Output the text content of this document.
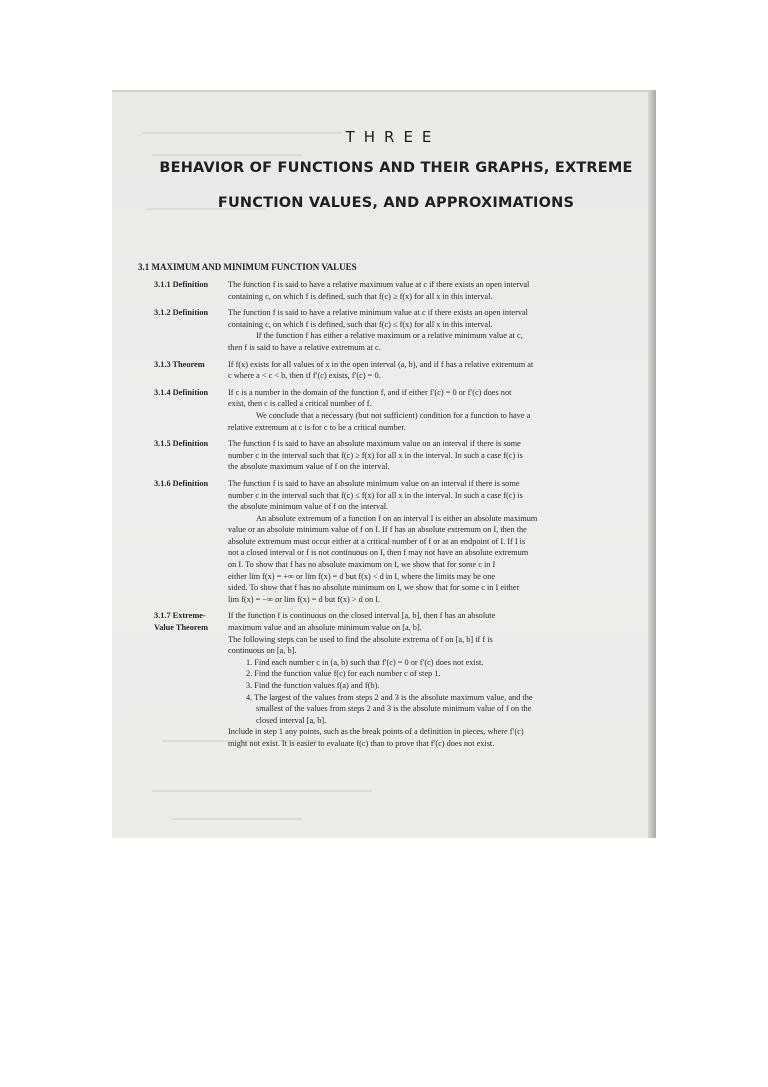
THREE
BEHAVIOR OF FUNCTIONS AND THEIR GRAPHS, EXTREME
FUNCTION VALUES, AND APPROXIMATIONS
3.1 MAXIMUM AND MINIMUM FUNCTION VALUES
3.1.1 Definition	The function f is said to have a relative maximum value at c if there exists an open interval
containing c, on which f is defined, such that f(c) ≥ f(x) for all x in this interval.
3.1.2 Definition	The function f is said to have a relative minimum value at c if there exists an open interval
containing c, on which f is defined, such that f(c) ≤ f(x) for all x in this interval.
If the function f has either a relative maximum or a relative minimum value at c,
then f is said to have a relative extremum at c.
3.1.3 Theorem	If f(x) exists for all values of x in the open interval (a, b), and if f has a relative extremum at
c where a < c < b, then if f′(c) exists, f′(c) = 0.
3.1.4 Definition	If c is a number in the domain of the function f, and if either f′(c) = 0 or f′(c) does not
exist, then c is called a critical number of f.
We conclude that a necessary (but not sufficient) condition for a function to have a
relative extremum at c is for c to be a critical number.
3.1.5 Definition	The function f is said to have an absolute maximum value on an interval if there is some
number c in the interval such that f(c) ≥ f(x) for all x in the interval. In such a case f(c) is
the absolute maximum value of f on the interval.
3.1.6 Definition	The function f is said to have an absolute minimum value on an interval if there is some
number c in the interval such that f(c) ≤ f(x) for all x in the interval. In such a case f(c) is
the absolute minimum value of f on the interval.
An absolute extremum of a function f on an interval I is either an absolute maximum
value or an absolute minimum value of f on I. If f has an absolute extremum on I, then the
absolute extremum must occur either at a critical number of f or at an endpoint of I. If I is
not a closed interval or f is not continuous on I, then f may not have an absolute extremum
on I. To show that f has no absolute maximum on I, we show that for some c in I
either lim f(x) = +∞ or lim f(x) = d but f(x) < d in I, where the limits may be one
sided. To show that f has no absolute minimum on I, we show that for some c in I either
lim f(x) = −∞ or lim f(x) = d but f(x) > d on I.
3.1.7 Extreme-
Value Theorem
If the function f is continuous on the closed interval [a, b], then f has an absolute
maximum value and an absolute minimum value on [a, b].
The following steps can be used to find the absolute extrema of f on [a, b] if f is
continuous on [a, b].
1. Find each number c in (a, b) such that f′(c) = 0 or f′(c) does not exist.
2. Find the function value f(c) for each number c of step 1.
3. Find the function values f(a) and f(b).
4. The largest of the values from steps 2 and 3 is the absolute maximum value, and the
smallest of the values from steps 2 and 3 is the absolute minimum value of f on the
closed interval [a, b].
Include in step 1 any points, such as the break points of a definition in pieces, where f′(c)
might not exist. It is easier to evaluate f(c) than to prove that f′(c) does not exist.
